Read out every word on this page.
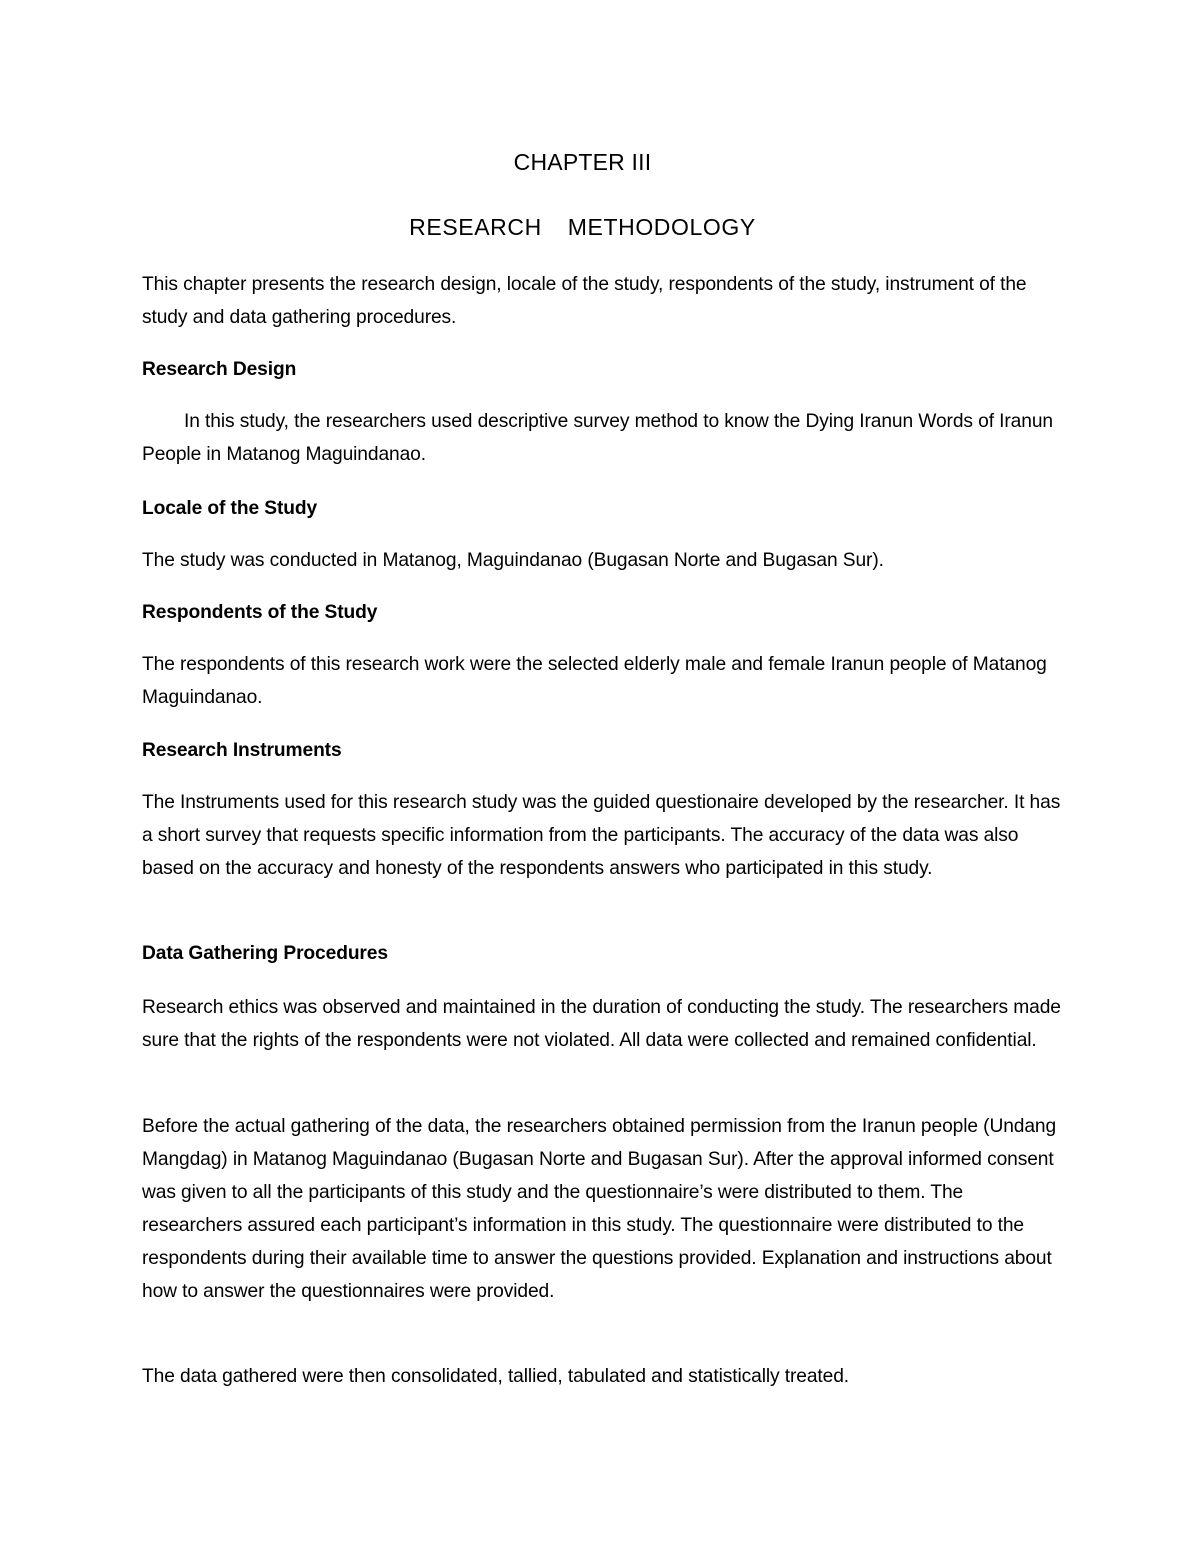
CHAPTER III
RESEARCH  METHODOLOGY
This chapter presents the research design, locale of the study, respondents of the study, instrument of the study and data gathering procedures.
Research Design
In this study, the researchers used descriptive survey method to know the Dying Iranun Words of Iranun People in Matanog Maguindanao.
Locale of the Study
The study was conducted in Matanog, Maguindanao (Bugasan Norte and Bugasan Sur).
Respondents of the Study
The respondents of this research work were the selected elderly male and female Iranun people of Matanog Maguindanao.
Research Instruments
The Instruments used for this research study was the guided questionaire developed by the researcher. It has a short survey that requests specific information from the participants. The accuracy of the data was also based on the accuracy and honesty of the respondents answers who participated in this study.
Data Gathering Procedures
Research ethics was observed and maintained in the duration of conducting the study. The researchers made sure that the rights of the respondents were not violated. All data were collected and remained confidential.
Before the actual gathering of the data, the researchers obtained permission from the Iranun people (Undang Mangdag) in Matanog Maguindanao (Bugasan Norte and Bugasan Sur). After the approval informed consent was given to all the participants of this study and the questionnaire’s were distributed to them. The researchers assured each participant’s information in this study. The questionnaire were distributed to the respondents during their available time to answer the questions provided. Explanation and instructions about how to answer the questionnaires were provided.
The data gathered were then consolidated, tallied, tabulated and statistically treated.
